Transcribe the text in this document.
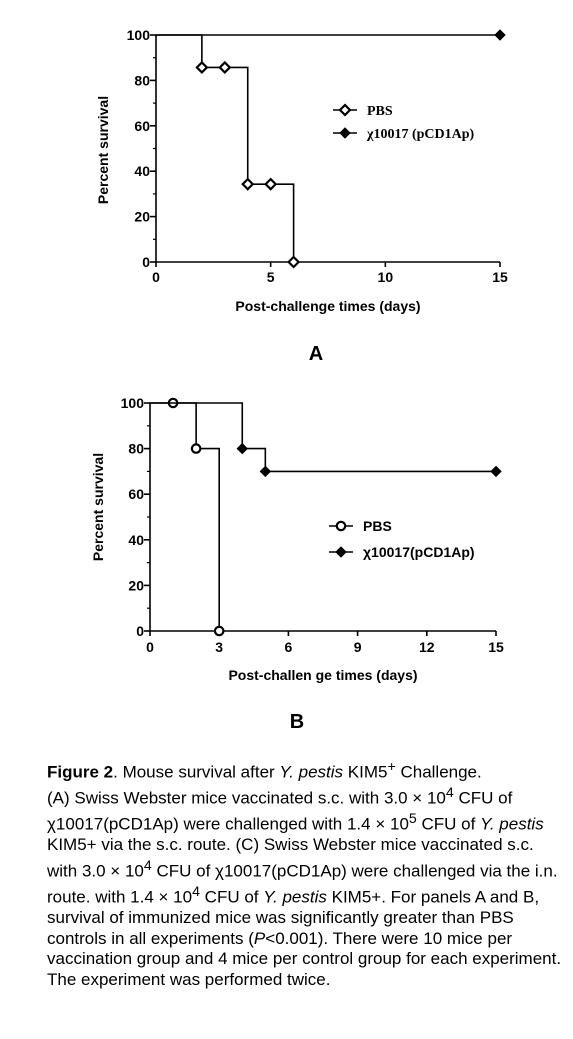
0
20
40
60
80
100
0	5	10	15
Post-challenge times (days)
Percent survival	PBS
χ10017 (pCD1Ap)
A
0
20
40
60
80
100
0	3	6	9	12	15
Post-challen ge times (days)
Percent survival	PBS
χ10017(pCD1Ap)
B

Figure 2. Mouse survival after Y. pestis KIM5+ Challenge.
(A) Swiss Webster mice vaccinated s.c. with $3.0 \times 10^4$ CFU of χ10017(pCD1Ap) were challenged with $1.4 \times 10^5$ CFU of Y. pestis KIM5+ via the s.c. route. (C) Swiss Webster mice vaccinated s.c. with $3.0 \times 10^4$ CFU of χ10017(pCD1Ap) were challenged via the i.n. route. with $1.4 \times 10^4$ CFU of Y. pestis KIM5+. For panels A and B, survival of immunized mice was significantly greater than PBS controls in all experiments (P<0.001). There were 10 mice per vaccination group and 4 mice per control group for each experiment. The experiment was performed twice.
